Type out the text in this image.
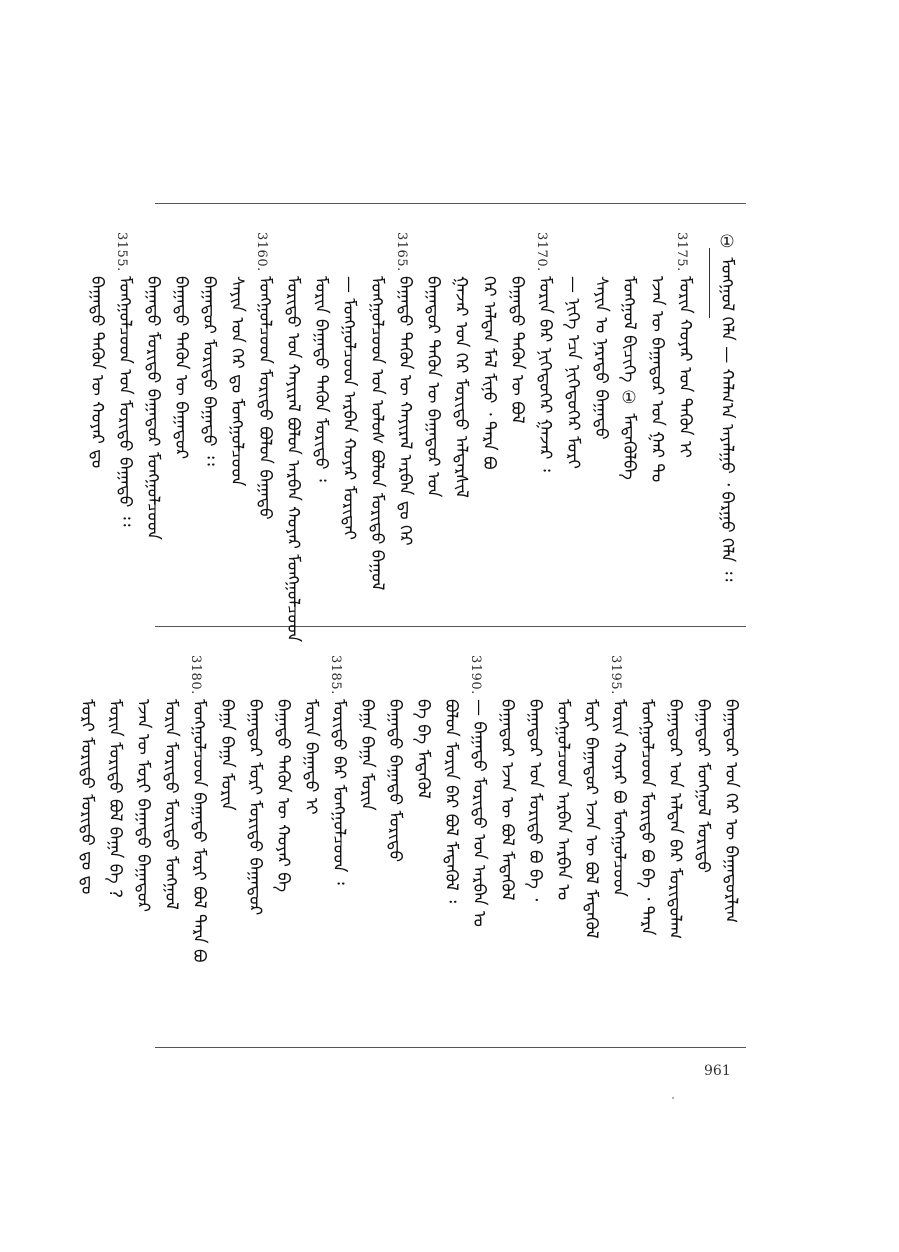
① ᠮᠣᠩᠭᠤᠯ ᠬᠡᠯᠡ — ᠬᠠᠯᠬ᠎ᠠ ᠠᠶᠠᠯᠭᠤ ᠂ ᠪᠠᠷᠭᠤ ᠬᠡᠯᠡ ᠄᠄
3175.
ᠮᠣᠷᠢᠨ ᠬᠣᠶᠠᠷ ᠤᠨ ᠲᠡᠭᠦᠨ ᠢ
ᠡᠵᠡᠨ ᠦ ᠪᠠᠭᠠᠲᠤᠷ ᠤᠨ ᠭᠠᠷ ᠲᠤ
ᠮᠣᠩᠭᠣᠯ ᠪᠢᠴᠢᠭᠡ ① ᠮᠡᠳᠡᠭᠦᠯᠪᠡ
ᠰᠠᠶᠢᠨ ᠤ ᠨᠡᠷᠡᠲᠦ ᠪᠠᠭᠠᠲᠤ
— ᠨᠢᠭᠡ ᠡᠴᠡ ᠨᠢᠭᠡᠳᠦᠭᠡᠷ ᠮᠣᠷᠢ
3170.
ᠮᠣᠷᠢᠨ ᠪᠡᠷ ᠨᠢᠭᠡᠳᠦᠭᠡᠷ ᠭᠠᠵᠠᠷ ᠄
ᠪᠠᠭᠠᠲᠤ ᠲᠡᠭᠦᠨ ᠦ ᠪᠣᠯ
ᠬᠡᠷ ᠠᠯᠲᠠᠨ ᠮᠠᠯ ᠮᠢᠨᠦ ᠂ ᠲᠡᠷᠡ ᠪᠣ
ᠭᠠᠵᠠᠷ ᠤᠨ ᠬᠡᠷ ᠮᠣᠷᠢᠲᠤ ᠠᠯᠳᠠᠷᠰᠢᠯ
ᠪᠠᠭᠠᠲᠤᠷ ᠲᠡᠭᠦᠨ ᠦ ᠪᠠᠭᠠᠲᠤᠷ ᠤᠨ
3165.
ᠪᠠᠭᠠᠲᠤ ᠲᠡᠭᠦᠨ ᠦ ᠬᠠᠶᠢᠷᠠᠯ ᠠᠷᠪᠠᠨ ᠳᠤ ᠬᠡᠷ
ᠮᠣᠩᠭᠣᠯᠴᠤᠳ ᠤᠨ ᠤᠯᠤᠰ ᠪᠣᠯᠤᠨ ᠮᠣᠷᠢᠲᠤ ᠪᠠᠭᠤᠯ
— ᠮᠣᠩᠭᠣᠯᠴᠤᠳ ᠠᠷᠪᠠᠨ ᠬᠣᠶᠠᠷ ᠮᠣᠷᠢᠲᠠᠶ
ᠮᠣᠷᠢᠨ ᠪᠠᠭᠠᠲᠤ ᠲᠡᠭᠦᠨ ᠮᠣᠷᠢᠲᠤ ᠄
ᠮᠣᠷᠢᠲᠤ ᠤᠨ ᠬᠠᠶᠢᠷᠠᠯ ᠪᠣᠯᠤᠨ ᠠᠷᠪᠠᠨ ᠬᠣᠶᠠᠷ ᠮᠣᠩᠭᠣᠯᠴᠤᠳ
3160.
ᠮᠣᠩᠭᠣᠯᠴᠤᠳ ᠮᠣᠷᠢᠲᠤ ᠪᠣᠯᠤᠨ ᠪᠠᠭᠠᠲᠤ
ᠰᠠᠶᠢᠨ ᠤᠨ ᠬᠡᠷ ᠳᠤ ᠮᠣᠩᠭᠣᠯᠴᠤᠳ
ᠪᠠᠭᠠᠲᠤᠷ ᠮᠣᠷᠢᠲᠤ ᠪᠠᠭᠠᠲᠤ ᠄᠄
ᠪᠠᠭᠠᠲᠤ ᠲᠡᠭᠦᠨ ᠦ ᠪᠠᠭᠠᠲᠤᠷ
ᠪᠠᠭᠠᠲᠤ ᠮᠣᠷᠢᠲᠤ ᠪᠠᠭᠠᠲᠤᠷ ᠮᠣᠩᠭᠣᠯᠴᠤᠳ
3155.
ᠮᠣᠩᠭᠣᠯᠴᠤᠳ ᠤᠨ ᠮᠣᠷᠢᠲᠤ ᠪᠠᠭᠠᠲᠤ ᠄᠄
ᠪᠠᠭᠠᠲᠤ ᠲᠡᠭᠦᠨ ᠦ ᠬᠣᠶᠠᠷ ᠳᠤ
ᠪᠠᠭᠠᠲᠤᠷ ᠤᠨ ᠬᠡᠷ ᠦ ᠪᠠᠭᠠᠲᠤᠷᠯᠢᠭ
ᠪᠠᠭᠠᠲᠤᠷ ᠮᠣᠩᠭᠣᠯ ᠮᠣᠷᠢᠲᠤ
ᠪᠠᠭᠠᠲᠤᠷ ᠤᠨ ᠠᠯᠲᠠᠨ ᠪᠠᠷ ᠮᠣᠷᠢᠲᠤᠯᠠᠭ
ᠮᠣᠩᠭᠣᠯᠴᠤᠳ ᠮᠣᠷᠢᠲᠤ ᠪᠣ ᠪᠠ ᠂ ᠲᠡᠷᠡ
3195.
ᠮᠣᠷᠢᠨ ᠬᠣᠶᠠᠷ ᠪᠣ ᠮᠣᠩᠭᠣᠯᠴᠤᠳ
ᠮᠣᠷᠢ ᠪᠠᠭᠠᠲᠤᠷ ᠡᠵᠡᠨ ᠦ ᠪᠣᠯ ᠮᠡᠳᠡᠭᠦᠯ
ᠮᠣᠩᠭᠣᠯᠴᠤᠳ ᠠᠷᠪᠠᠨ ᠠᠷᠪᠠᠨ ᠤ
ᠪᠠᠭᠠᠲᠤᠷ ᠤᠨ ᠮᠣᠷᠢᠲᠤ ᠪᠣ ᠪᠠ ᠂
ᠪᠠᠭᠠᠲᠤᠷ ᠡᠵᠡᠨ ᠦ ᠪᠣᠯ ᠮᠡᠳᠡᠭᠦᠯ
3190.
— ᠪᠠᠭᠠᠲᠤ ᠮᠣᠷᠢᠲᠤ ᠤᠨ ᠠᠷᠪᠠᠨ ᠤ
ᠪᠣᠯᠤᠨ ᠮᠣᠷᠢᠨ ᠪᠠᠷ ᠪᠣᠯ ᠮᠡᠳᠡᠭᠦᠯ ᠄
ᠪᠠ ᠪᠠ ᠮᠡᠳᠡᠭᠦᠯ
ᠪᠠᠭᠠᠲᠤ ᠪᠠᠭᠠᠲᠤ ᠮᠣᠷᠢᠲᠤ
ᠪᠠᠭᠠ ᠪᠠᠭᠠ ᠮᠣᠷᠢᠨ
3185.
ᠮᠣᠷᠢᠲᠤ ᠪᠠᠷ ᠮᠣᠩᠭᠣᠯᠴᠤᠳ ᠄
ᠮᠣᠷᠢᠨ ᠪᠠᠭᠠᠲᠤ ᠢ
ᠪᠠᠭᠠᠲᠤ ᠲᠡᠭᠦᠨ ᠦ ᠬᠣᠶᠠᠷ ᠪᠠ
ᠪᠠᠭᠠᠲᠤᠷ ᠮᠣᠷᠢ ᠮᠣᠷᠢᠲᠤ ᠪᠠᠭᠠᠲᠤᠷ
ᠪᠠᠭᠠ ᠪᠠᠭᠠ ᠮᠣᠷᠢᠨ
3180.
ᠮᠣᠩᠭᠣᠯᠴᠤᠳ ᠪᠠᠭᠠᠲᠤ ᠮᠣᠷᠢ ᠪᠣᠯ ᠲᠡᠷᠡ ᠪᠣ
ᠮᠣᠷᠢᠨ ᠮᠣᠷᠢᠲᠤ ᠮᠣᠷᠢᠲᠤ ᠮᠣᠩᠭᠣᠯ
ᠡᠵᠡᠨ ᠦ ᠮᠣᠷᠢ ᠪᠠᠭᠠᠲᠤ ᠪᠠᠭᠠᠲᠤᠷ
ᠮᠣᠷᠢᠨ ᠮᠣᠷᠢᠲᠤ ᠪᠣᠯ ᠪᠠᠭᠠ ᠪᠠ ?
ᠮᠣᠷᠢ ᠮᠣᠷᠢᠲᠤ ᠮᠣᠷᠢᠲᠤ ᠳᠤ ᠳᠤ
961
